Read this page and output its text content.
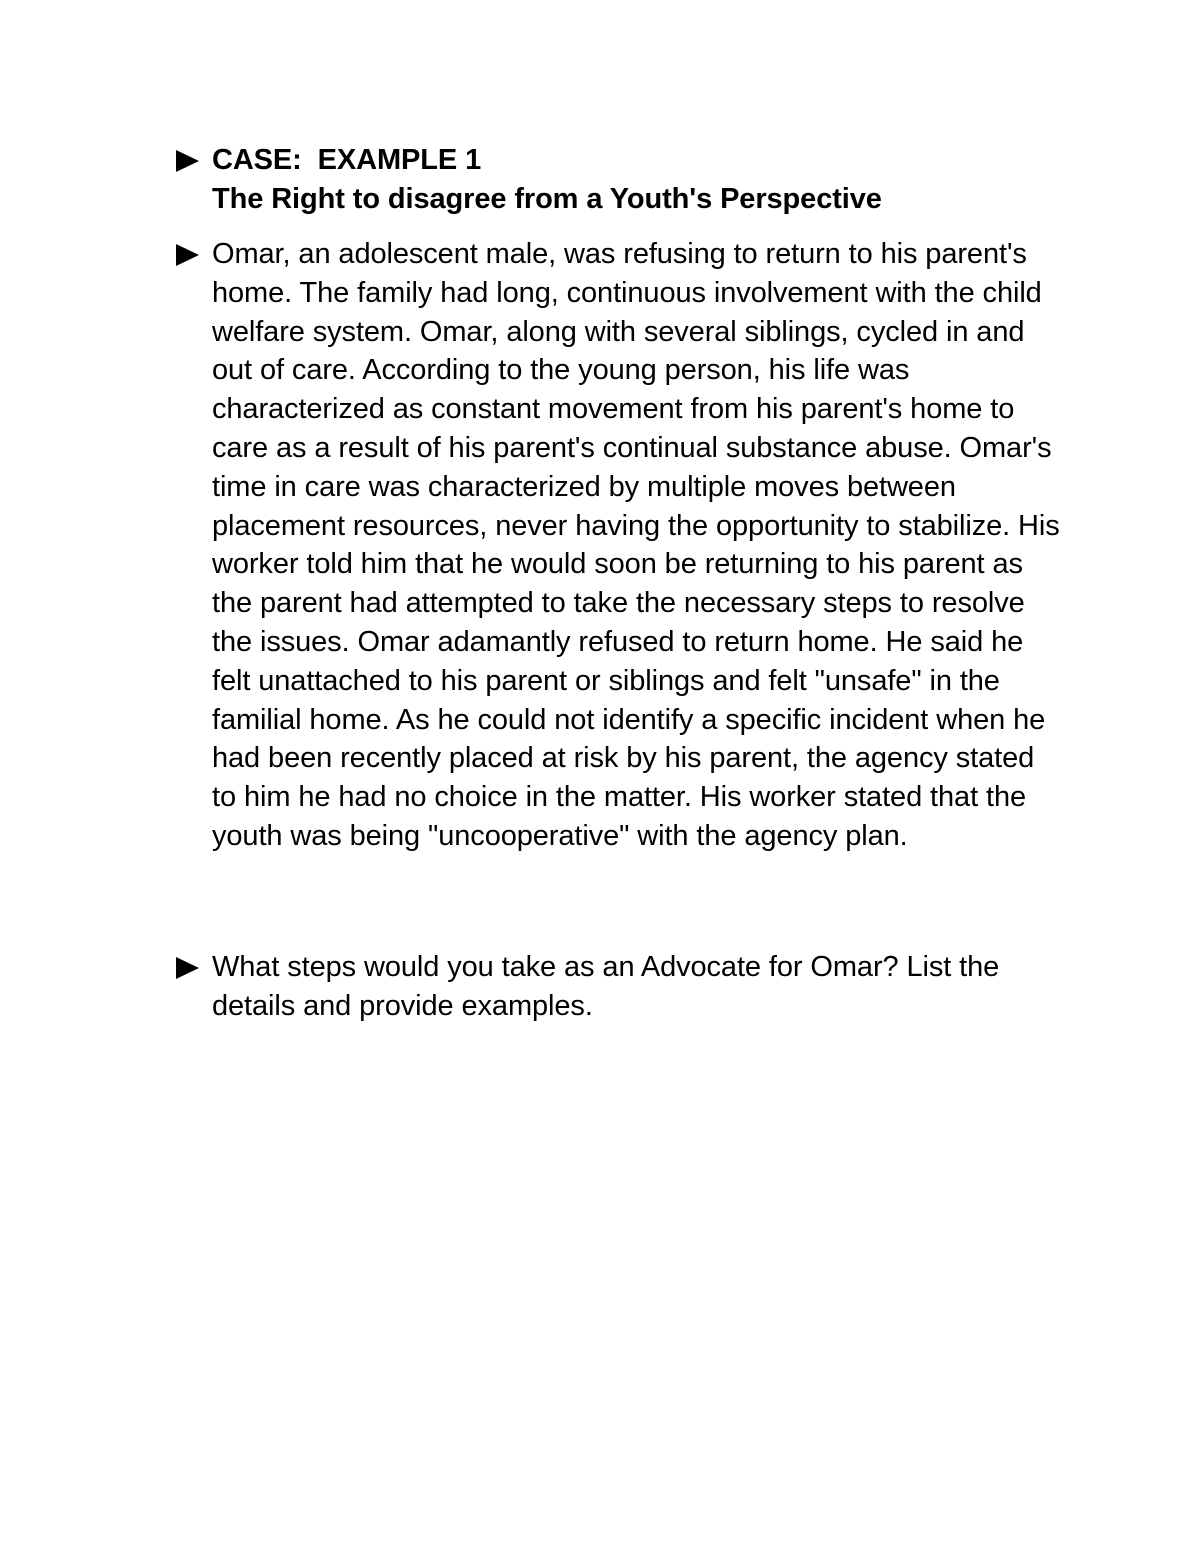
CASE:  EXAMPLE 1
The Right to disagree from a Youth's Perspective
Omar, an adolescent male, was refusing to return to his parent's home. The family had long, continuous involvement with the child welfare system. Omar, along with several siblings, cycled in and out of care. According to the young person, his life was characterized as constant movement from his parent's home to care as a result of his parent's continual substance abuse. Omar's time in care was characterized by multiple moves between placement resources, never having the opportunity to stabilize. His worker told him that he would soon be returning to his parent as the parent had attempted to take the necessary steps to resolve the issues. Omar adamantly refused to return home. He said he felt unattached to his parent or siblings and felt "unsafe" in the familial home. As he could not identify a specific incident when he had been recently placed at risk by his parent, the agency stated to him he had no choice in the matter. His worker stated that the youth was being "uncooperative" with the agency plan.
What steps would you take as an Advocate for Omar? List the details and provide examples.
